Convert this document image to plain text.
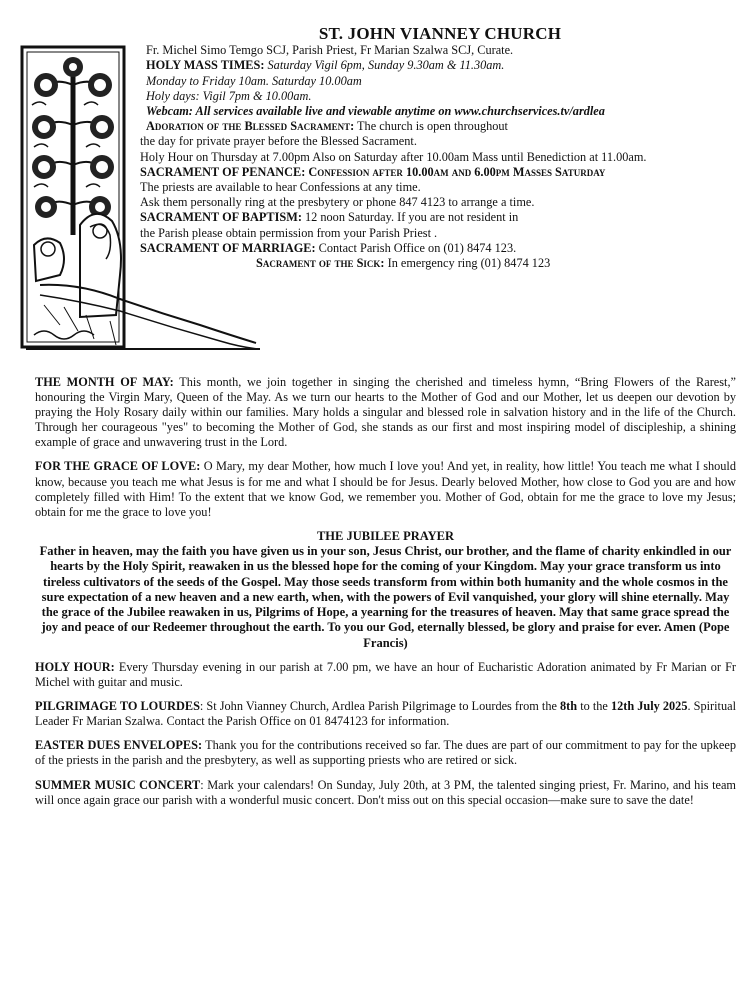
ST. JOHN VIANNEY CHURCH
Fr. Michel Simo Temgo SCJ, Parish Priest, Fr Marian Szalwa SCJ, Curate.
HOLY MASS TIMES: Saturday Vigil 6pm, Sunday 9.30am & 11.30am.
Monday to Friday 10am. Saturday 10.00am
Holy days: Vigil 7pm & 10.00am.
Webcam: All services available live and viewable anytime on www.churchservices.tv/ardlea
Adoration of the Blessed Sacrament: The church is open throughout
the day for private prayer before the Blessed Sacrament.
Holy Hour on Thursday at 7.00pm Also on Saturday after 10.00am Mass until Benediction at 11.00am.
SACRAMENT OF PENANCE: Confession after 10.00am and 6.00pm Masses Saturday
The priests are available to hear Confessions at any time.
Ask them personally ring at the presbytery or phone 847 4123 to arrange a time.
SACRAMENT OF BAPTISM: 12 noon Saturday. If you are not resident in
the Parish please obtain permission from your Parish Priest .
SACRAMENT OF MARRIAGE: Contact Parish Office on (01) 8474 123.
Sacrament of the Sick: In emergency ring (01) 8474 123

THE MONTH OF MAY: This month, we join together in singing the cherished and timeless hymn, “Bring Flowers of the Rarest,” honouring the Virgin Mary, Queen of the May. As we turn our hearts to the Mother of God and our Mother, let us deepen our devotion by praying the Holy Rosary daily within our families. Mary holds a singular and blessed role in salvation history and in the life of the Church. Through her courageous "yes" to becoming the Mother of God, she stands as our first and most inspiring model of discipleship, a shining example of grace and unwavering trust in the Lord.

FOR THE GRACE OF LOVE: O Mary, my dear Mother, how much I love you! And yet, in reality, how little! You teach me what I should know, because you teach me what Jesus is for me and what I should be for Jesus. Dearly beloved Mother, how close to God you are and how completely filled with Him! To the extent that we know God, we remember you. Mother of God, obtain for me the grace to love my Jesus; obtain for me the grace to love you!

THE JUBILEE PRAYER

Father in heaven, may the faith you have given us in your son, Jesus Christ, our brother, and the flame of charity enkindled in our hearts by the Holy Spirit, reawaken in us the blessed hope for the coming of your Kingdom. May your grace transform us into tireless cultivators of the seeds of the Gospel. May those seeds transform from within both humanity and the whole cosmos in the sure expectation of a new heaven and a new earth, when, with the powers of Evil vanquished, your glory will shine eternally. May the grace of the Jubilee reawaken in us, Pilgrims of Hope, a yearning for the treasures of heaven. May that same grace spread the joy and peace of our Redeemer throughout the earth. To you our God, eternally blessed, be glory and praise for ever. Amen (Pope Francis)

HOLY HOUR: Every Thursday evening in our parish at 7.00 pm, we have an hour of Eucharistic Adoration animated by Fr Marian or Fr Michel with guitar and music.

PILGRIMAGE TO LOURDES: St John Vianney Church, Ardlea Parish Pilgrimage to Lourdes from the 8th to the 12th July 2025. Spiritual Leader Fr Marian Szalwa. Contact the Parish Office on 01 8474123 for information.

EASTER DUES ENVELOPES: Thank you for the contributions received so far. The dues are part of our commitment to pay for the upkeep of the priests in the parish and the presbytery, as well as supporting priests who are retired or sick.

SUMMER MUSIC CONCERT: Mark your calendars! On Sunday, July 20th, at 3 PM, the talented singing priest, Fr. Marino, and his team will once again grace our parish with a wonderful music concert. Don't miss out on this special occasion—make sure to save the date!
